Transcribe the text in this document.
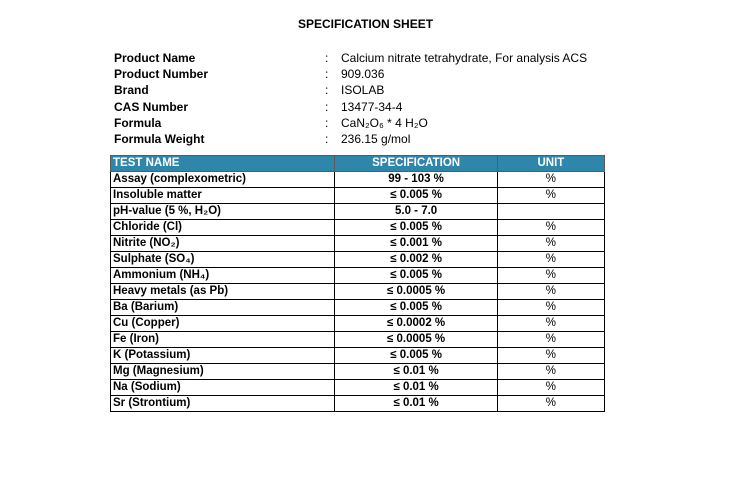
SPECIFICATION SHEET
Product Name	:	Calcium nitrate tetrahydrate, For analysis ACS
Product Number	:	909.036
Brand	:	ISOLAB
CAS Number	:	13477-34-4
Formula	:	CaN₂O₆ * 4 H₂O
Formula Weight	:	236.15 g/mol
TEST NAME	SPECIFICATION	UNIT
Assay (complexometric)	99 - 103 %	%
Insoluble matter	≤ 0.005 %	%
pH-value (5 %, H₂O)	5.0 - 7.0	
Chloride (Cl)	≤ 0.005 %	%
Nitrite (NO₂)	≤ 0.001 %	%
Sulphate (SO₄)	≤ 0.002 %	%
Ammonium (NH₄)	≤ 0.005 %	%
Heavy metals (as Pb)	≤ 0.0005 %	%
Ba (Barium)	≤ 0.005 %	%
Cu (Copper)	≤ 0.0002 %	%
Fe (Iron)	≤ 0.0005 %	%
K (Potassium)	≤ 0.005 %	%
Mg (Magnesium)	≤ 0.01 %	%
Na (Sodium)	≤ 0.01 %	%
Sr (Strontium)	≤ 0.01 %	%
